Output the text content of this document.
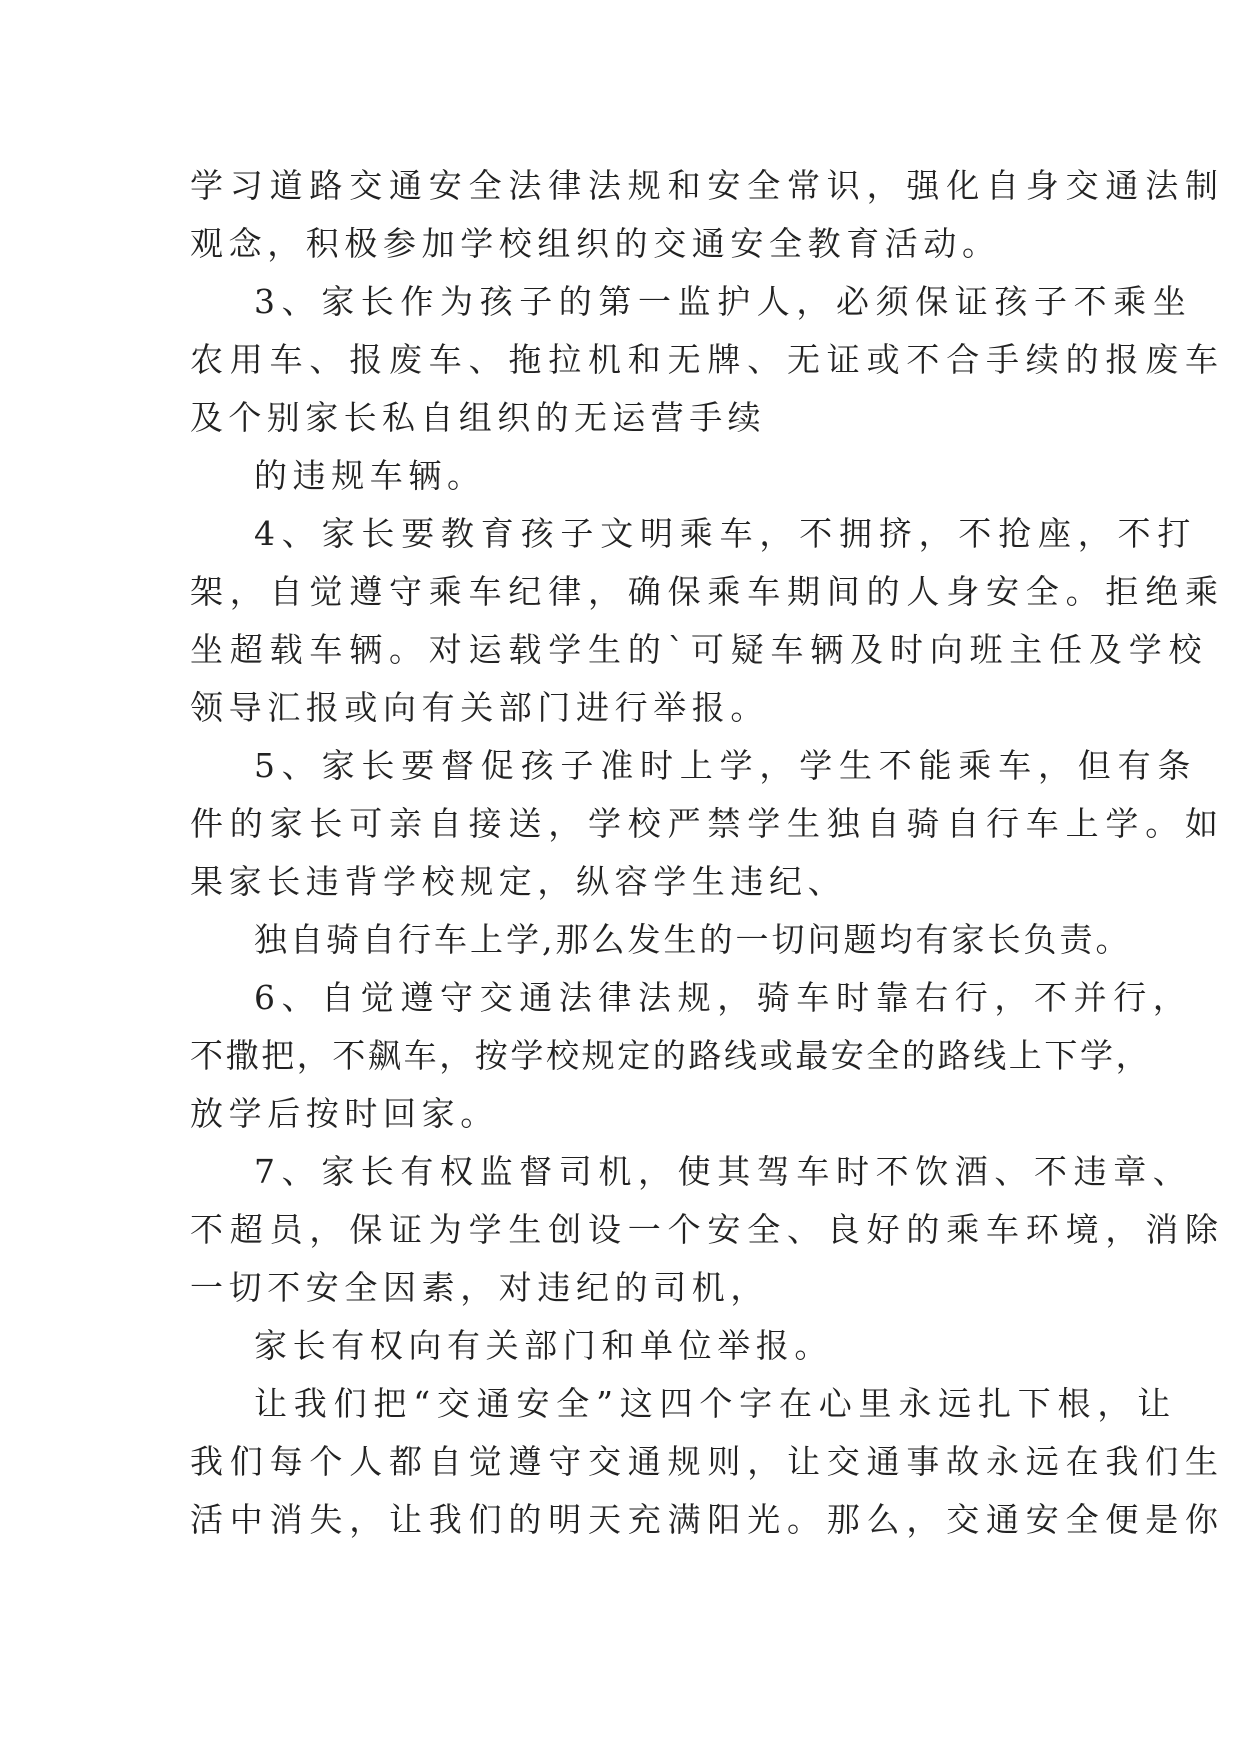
学习道路交通安全法律法规和安全常识，强化自身交通法制

观念，积极参加学校组织的交通安全教育活动。

3、家长作为孩子的第一监护人，必须保证孩子不乘坐

农用车、报废车、拖拉机和无牌、无证或不合手续的报废车

及个别家长私自组织的无运营手续

的违规车辆。

4、家长要教育孩子文明乘车，不拥挤，不抢座，不打

架，自觉遵守乘车纪律，确保乘车期间的人身安全。拒绝乘

坐超载车辆。对运载学生的`可疑车辆及时向班主任及学校

领导汇报或向有关部门进行举报。

5、家长要督促孩子准时上学，学生不能乘车，但有条

件的家长可亲自接送，学校严禁学生独自骑自行车上学。如

果家长违背学校规定，纵容学生违纪、

独自骑自行车上学,那么发生的一切问题均有家长负责。

6、自觉遵守交通法律法规，骑车时靠右行，不并行，

不撒把，不飙车，按学校规定的路线或最安全的路线上下学，

放学后按时回家。

7、家长有权监督司机，使其驾车时不饮酒、不违章、

不超员，保证为学生创设一个安全、良好的乘车环境，消除

一切不安全因素，对违纪的司机，

家长有权向有关部门和单位举报。

让我们把“交通安全”这四个字在心里永远扎下根，让

我们每个人都自觉遵守交通规则，让交通事故永远在我们生

活中消失，让我们的明天充满阳光。那么，交通安全便是你
